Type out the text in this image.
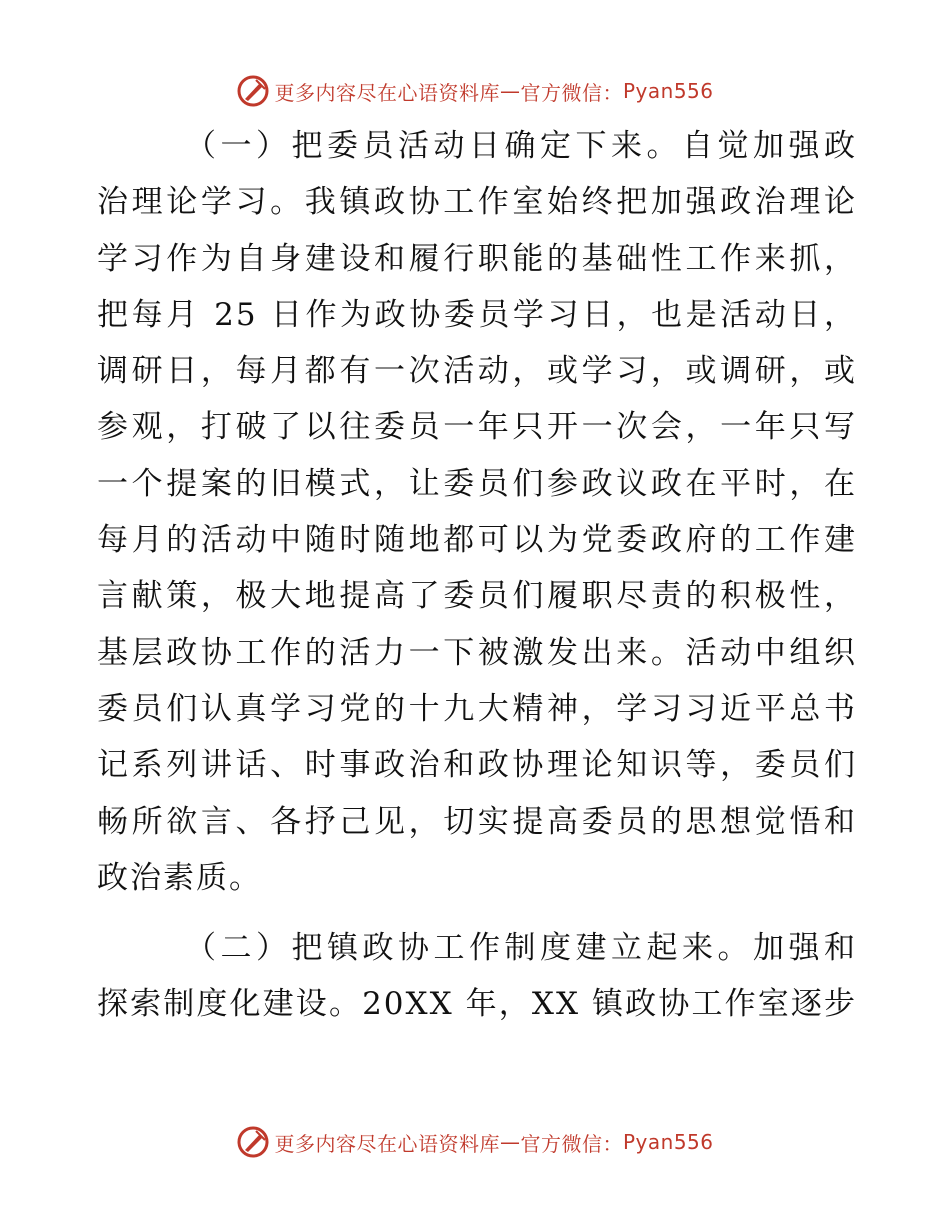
更多内容尽在心语资料库 — 官方微信： Pyan556
（一）把委员活动日确定下来。自觉加强政
治理论学习。我镇政协工作室始终把加强政治理论
学习作为自身建设和履行职能的基础性工作来抓，
把每月 25 日作为政协委员学习日，也是活动日，
调研日，每月都有一次活动，或学习，或调研，或
参观，打破了以往委员一年只开一次会，一年只写
一个提案的旧模式，让委员们参政议政在平时，在
每月的活动中随时随地都可以为党委政府的工作建
言献策，极大地提高了委员们履职尽责的积极性，
基层政协工作的活力一下被激发出来。活动中组织
委员们认真学习党的十九大精神，学习习近平总书
记系列讲话、时事政治和政协理论知识等，委员们
畅所欲言、各抒己见，切实提高委员的思想觉悟和
政治素质。
（二）把镇政协工作制度建立起来。加强和
探索制度化建设。20XX 年，XX 镇政协工作室逐步
更多内容尽在心语资料库 — 官方微信： Pyan556
